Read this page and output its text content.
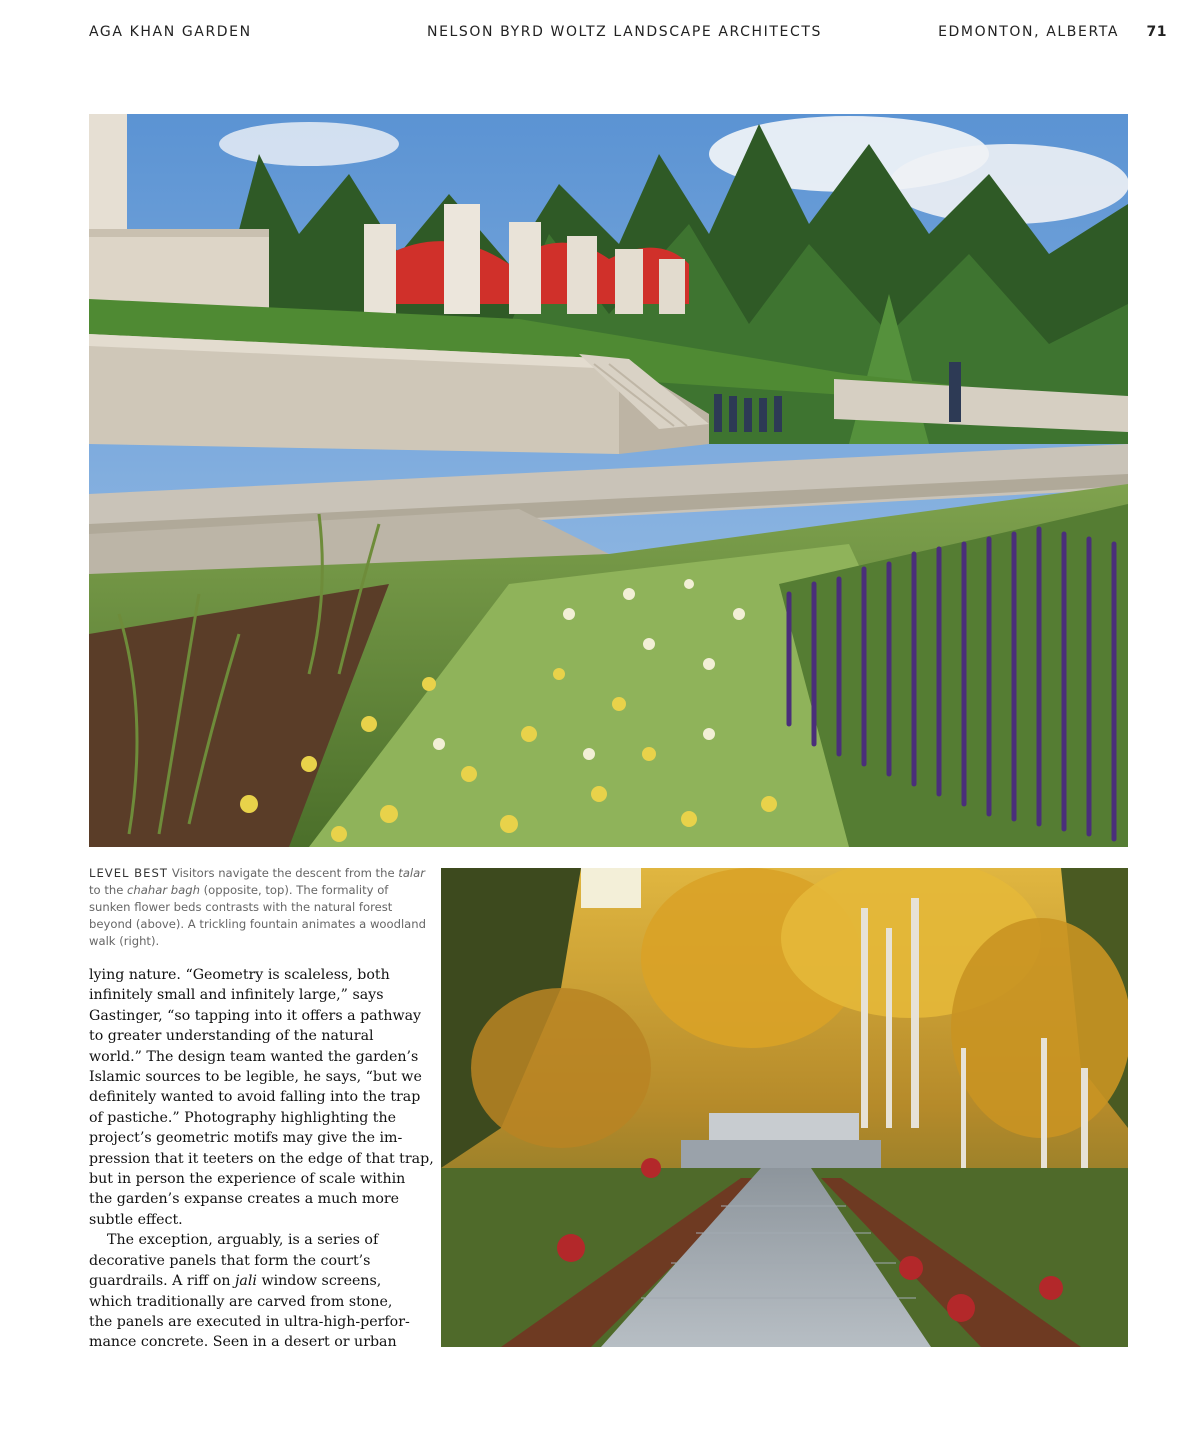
AGA KHAN GARDEN	NELSON BYRD WOLTZ LANDSCAPE ARCHITECTS	EDMONTON, ALBERTA 71
LEVEL BEST Visitors navigate the descent from the talar to the chahar bagh (opposite, top). The formality of sunken flower beds contrasts with the natural forest beyond (above). A trickling fountain animates a woodland walk (right).
lying nature. “Geometry is scaleless, both
infinitely small and infinitely large,” says
Gastinger, “so tapping into it offers a pathway
to greater understanding of the natural
world.” The design team wanted the garden’s
Islamic sources to be legible, he says, “but we
definitely wanted to avoid falling into the trap
of pastiche.” Photography highlighting the
project’s geometric motifs may give the im-
pression that it teeters on the edge of that trap,
but in person the experience of scale within
the garden’s expanse creates a much more
subtle effect.
The exception, arguably, is a series of
decorative panels that form the court’s
guardrails. A riff on jali window screens,
which traditionally are carved from stone,
the panels are executed in ultra-high-perfor-
mance concrete. Seen in a desert or urban
